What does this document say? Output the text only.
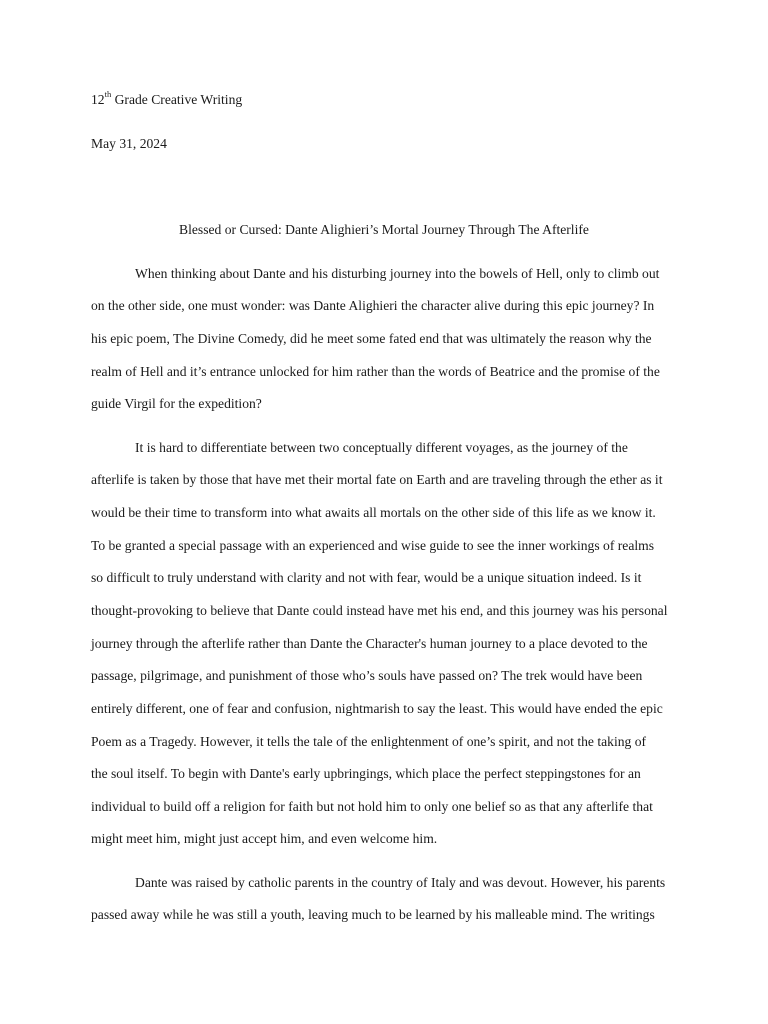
12th Grade Creative Writing
May 31, 2024
Blessed or Cursed: Dante Alighieri’s Mortal Journey Through The Afterlife
When thinking about Dante and his disturbing journey into the bowels of Hell, only to climb out
on the other side, one must wonder: was Dante Alighieri the character alive during this epic journey? In
his epic poem, The Divine Comedy, did he meet some fated end that was ultimately the reason why the
realm of Hell and it’s entrance unlocked for him rather than the words of Beatrice and the promise of the
guide Virgil for the expedition?
It is hard to differentiate between two conceptually different voyages, as the journey of the
afterlife is taken by those that have met their mortal fate on Earth and are traveling through the ether as it
would be their time to transform into what awaits all mortals on the other side of this life as we know it.
To be granted a special passage with an experienced and wise guide to see the inner workings of realms
so difficult to truly understand with clarity and not with fear, would be a unique situation indeed. Is it
thought-provoking to believe that Dante could instead have met his end, and this journey was his personal
journey through the afterlife rather than Dante the Character's human journey to a place devoted to the
passage, pilgrimage, and punishment of those who’s souls have passed on? The trek would have been
entirely different, one of fear and confusion, nightmarish to say the least. This would have ended the epic
Poem as a Tragedy. However, it tells the tale of the enlightenment of one’s spirit, and not the taking of
the soul itself. To begin with Dante's early upbringings, which place the perfect steppingstones for an
individual to build off a religion for faith but not hold him to only one belief so as that any afterlife that
might meet him, might just accept him, and even welcome him.
Dante was raised by catholic parents in the country of Italy and was devout. However, his parents
passed away while he was still a youth, leaving much to be learned by his malleable mind. The writings
